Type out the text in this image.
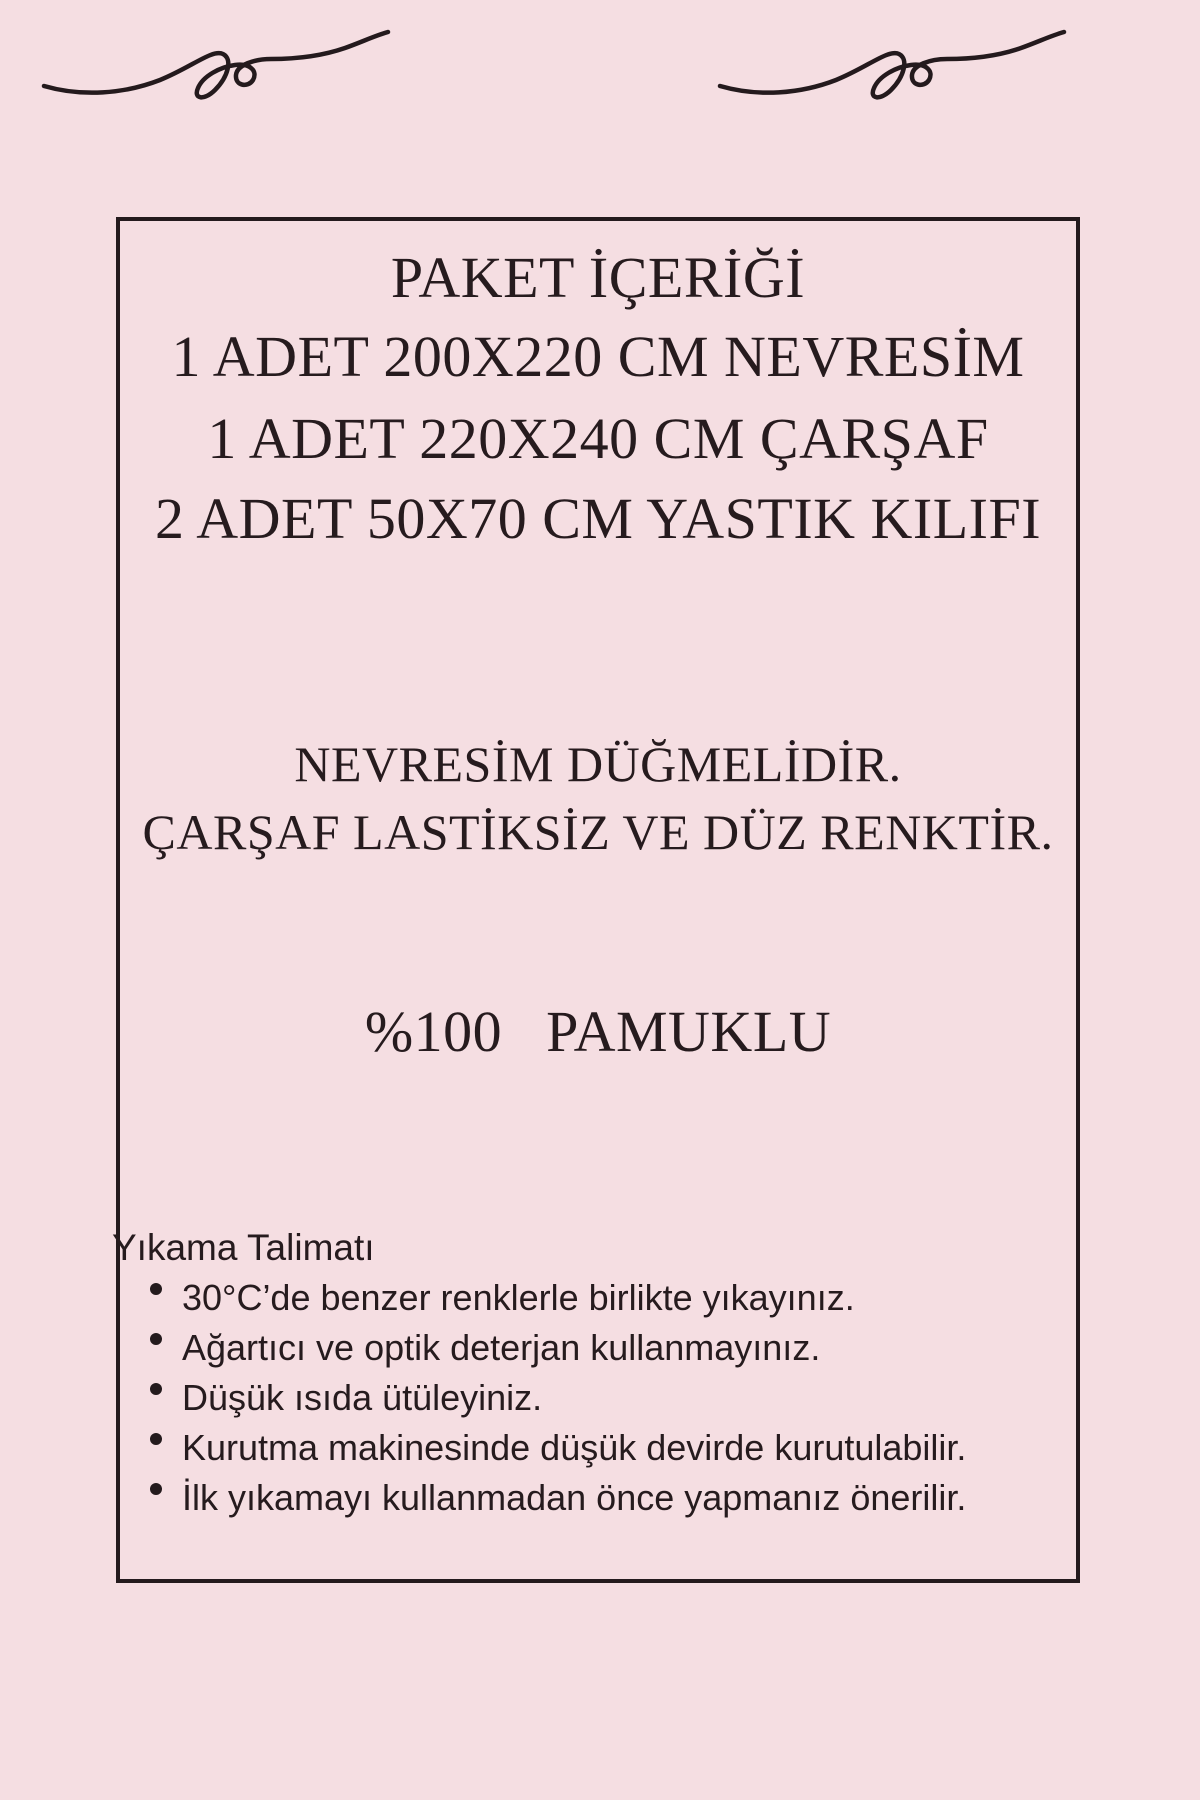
PAKET İÇERİĞİ
1 ADET 200X220 CM NEVRESİM
1 ADET 220X240 CM ÇARŞAF
2 ADET 50X70 CM YASTIK KILIFI
NEVRESİM DÜĞMELİDİR.
ÇARŞAF LASTİKSİZ VE DÜZ RENKTİR.
%100 PAMUKLU
Yıkama Talimatı
30°C’de benzer renklerle birlikte yıkayınız.
Ağartıcı ve optik deterjan kullanmayınız.
Düşük ısıda ütüleyiniz.
Kurutma makinesinde düşük devirde kurutulabilir.
İlk yıkamayı kullanmadan önce yapmanız önerilir.
